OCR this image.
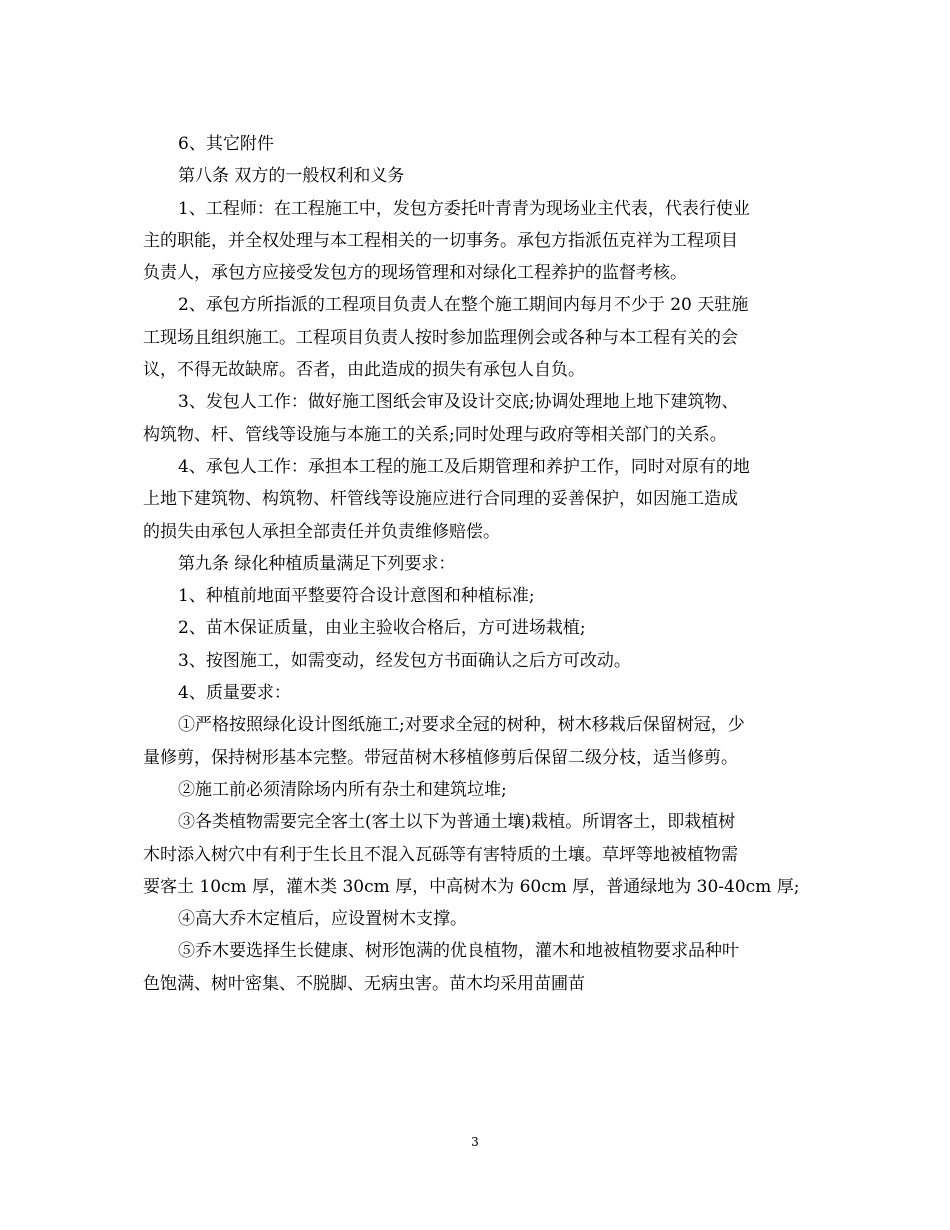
6、其它附件
第八条 双方的一般权利和义务
1、工程师：在工程施工中，发包方委托叶青青为现场业主代表，代表行使业
主的职能，并全权处理与本工程相关的一切事务。承包方指派伍克祥为工程项目
负责人，承包方应接受发包方的现场管理和对绿化工程养护的监督考核。
2、承包方所指派的工程项目负责人在整个施工期间内每月不少于 20 天驻施
工现场且组织施工。工程项目负责人按时参加监理例会或各种与本工程有关的会
议，不得无故缺席。否者，由此造成的损失有承包人自负。
3、发包人工作：做好施工图纸会审及设计交底;协调处理地上地下建筑物、
构筑物、杆、管线等设施与本施工的关系;同时处理与政府等相关部门的关系。
4、承包人工作：承担本工程的施工及后期管理和养护工作，同时对原有的地
上地下建筑物、构筑物、杆管线等设施应进行合同理的妥善保护，如因施工造成
的损失由承包人承担全部责任并负责维修赔偿。
第九条 绿化种植质量满足下列要求：
1、种植前地面平整要符合设计意图和种植标准;
2、苗木保证质量，由业主验收合格后，方可进场栽植;
3、按图施工，如需变动，经发包方书面确认之后方可改动。
4、质量要求：
①严格按照绿化设计图纸施工;对要求全冠的树种，树木移栽后保留树冠，少
量修剪，保持树形基本完整。带冠苗树木移植修剪后保留二级分枝，适当修剪。
②施工前必须清除场内所有杂土和建筑垃堆;
③各类植物需要完全客土(客土以下为普通土壤)栽植。所谓客土，即栽植树
木时添入树穴中有利于生长且不混入瓦砾等有害特质的土壤。草坪等地被植物需
要客土 10cm 厚，灌木类 30cm 厚，中高树木为 60cm 厚，普通绿地为 30-40cm 厚;
④高大乔木定植后，应设置树木支撑。
⑤乔木要选择生长健康、树形饱满的优良植物，灌木和地被植物要求品种叶
色饱满、树叶密集、不脱脚、无病虫害。苗木均采用苗圃苗
3
